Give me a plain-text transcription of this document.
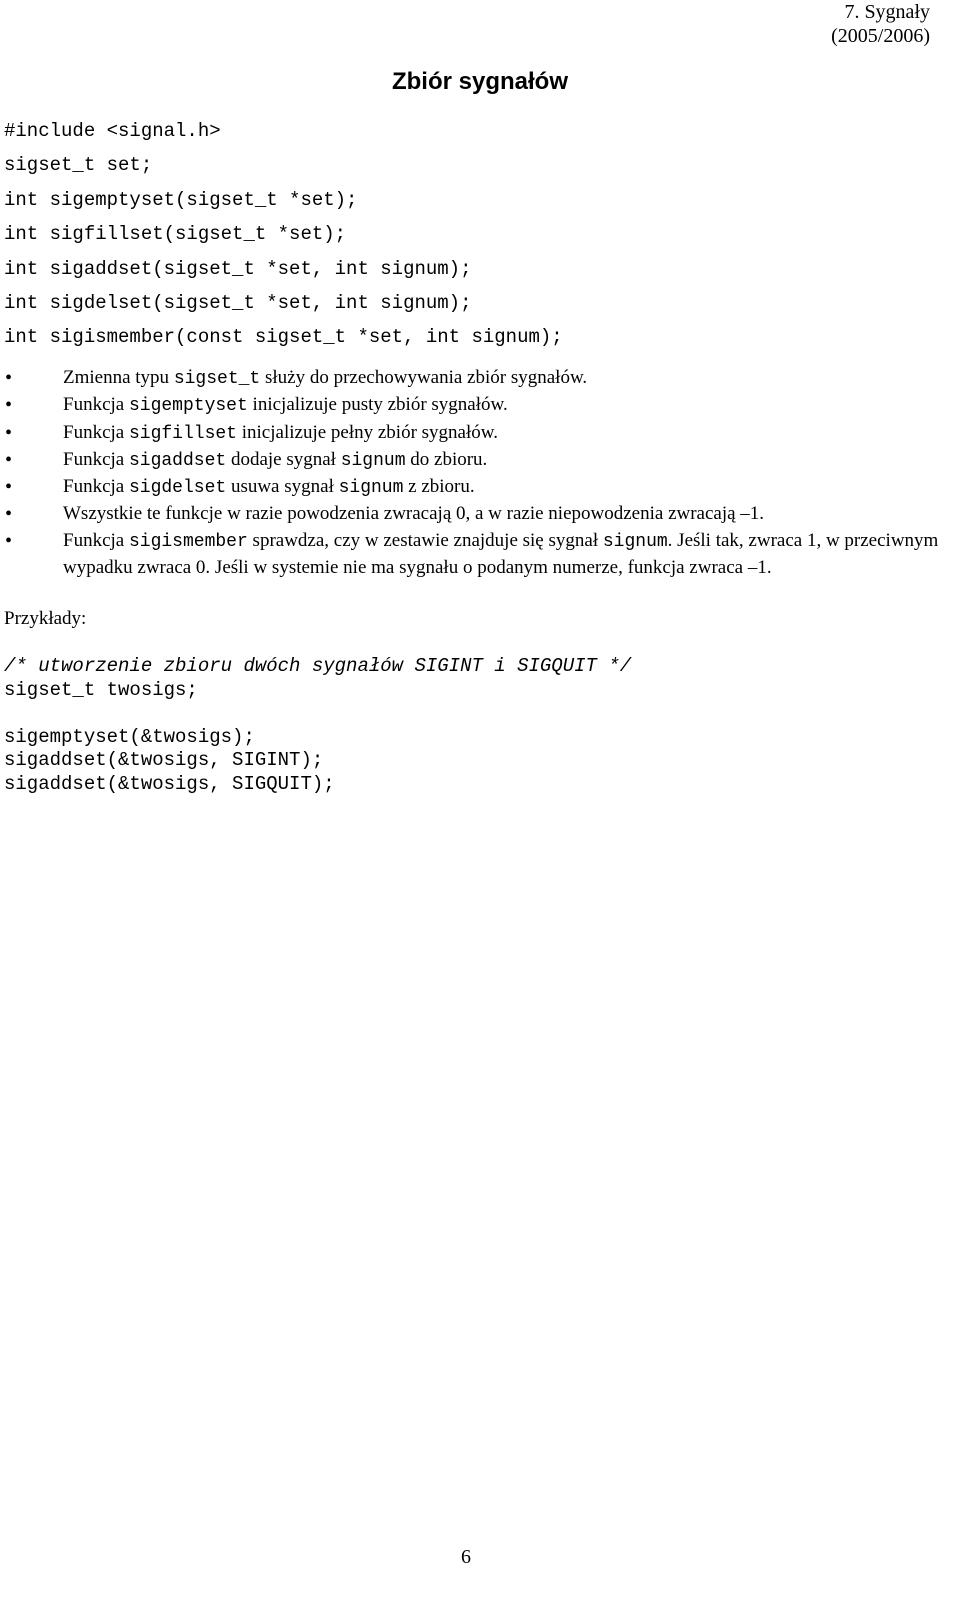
7. Sygnały
(2005/2006)
Zbiór sygnałów
#include <signal.h>
sigset_t set;
int sigemptyset(sigset_t *set);
int sigfillset(sigset_t *set);
int sigaddset(sigset_t *set, int signum);
int sigdelset(sigset_t *set, int signum);
int sigismember(const sigset_t *set, int signum);
• Zmienna typu sigset_t służy do przechowywania zbiór sygnałów.
• Funkcja sigemptyset inicjalizuje pusty zbiór sygnałów.
• Funkcja sigfillset inicjalizuje pełny zbiór sygnałów.
• Funkcja sigaddset dodaje sygnał signum do zbioru.
• Funkcja sigdelset usuwa sygnał signum z zbioru.
• Wszystkie te funkcje w razie powodzenia zwracają 0, a w razie niepowodzenia zwracają –1.
• Funkcja sigismember sprawdza, czy w zestawie znajduje się sygnał signum. Jeśli tak, zwraca 1, w przeciwnym wypadku zwraca 0. Jeśli w systemie nie ma sygnału o podanym numerze, funkcja zwraca –1.
Przykłady:
/* utworzenie zbioru dwóch sygnałów SIGINT i SIGQUIT */
sigset_t twosigs;
sigemptyset(&twosigs);
sigaddset(&twosigs, SIGINT);
sigaddset(&twosigs, SIGQUIT);
6
